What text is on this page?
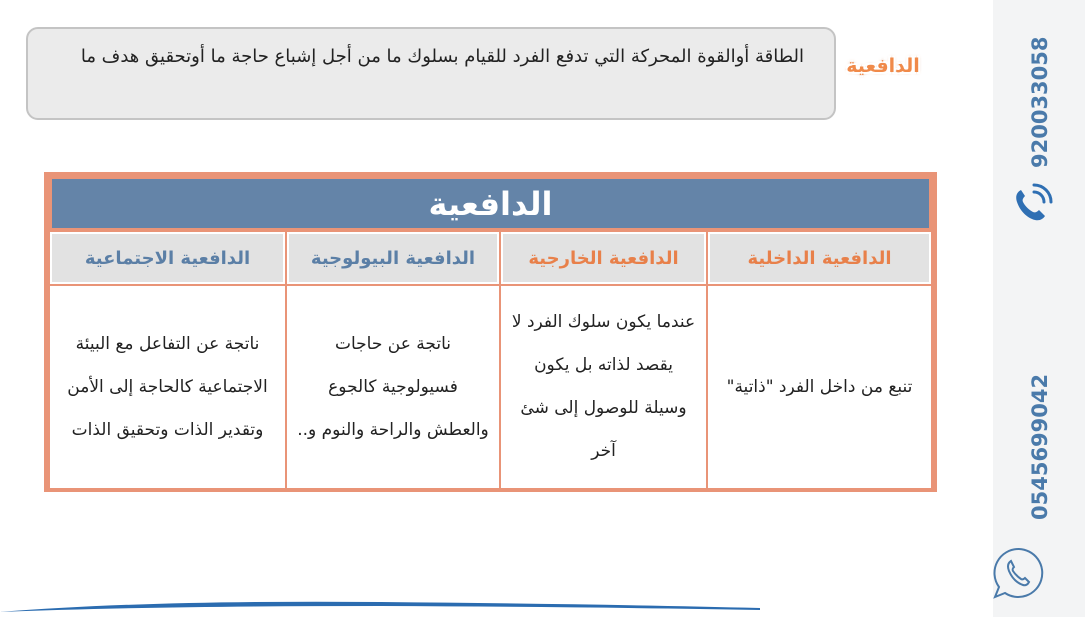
الطاقة أوالقوة المحركة التي تدفع الفرد للقيام بسلوك ما من أجل إشباع حاجة ما أوتحقيق هدف ما	الدافعية
الدافعية
الدافعية الداخلية
تنبع من داخل الفرد "ذاتية"
الدافعية الخارجية
عندما يكون سلوك الفرد لا يقصد لذاته بل يكون وسيلة للوصول إلى شئ آخر
الدافعية البيولوجية
ناتجة عن حاجات فسيولوجية كالجوع والعطش والراحة والنوم و..
الدافعية الاجتماعية
ناتجة عن التفاعل مع البيئة الاجتماعية كالحاجة إلى الأمن وتقدير الذات وتحقيق الذات
920033058
0545699042
